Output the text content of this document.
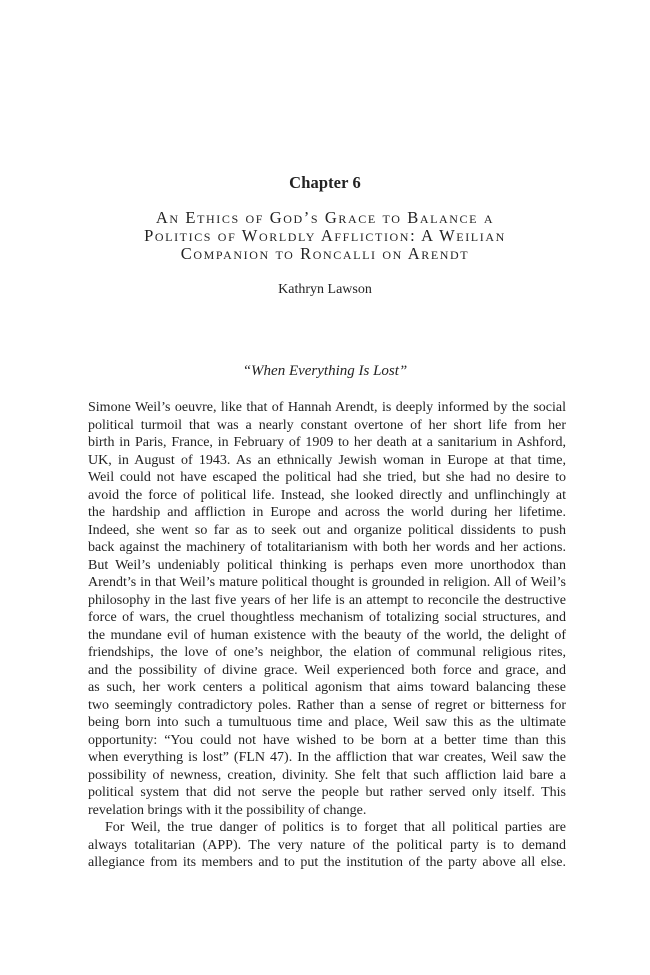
Chapter 6
An Ethics of God’s Grace to Balance a
Politics of Worldly Affliction: A Weilian
Companion to Roncalli on Arendt
Kathryn Lawson
“When Everything Is Lost”
Simone Weil’s oeuvre, like that of Hannah Arendt, is deeply informed by the social
political turmoil that was a nearly constant overtone of her short life from her
birth in Paris, France, in February of 1909 to her death at a sanitarium in Ashford,
UK, in August of 1943. As an ethnically Jewish woman in Europe at that time,
Weil could not have escaped the political had she tried, but she had no desire to
avoid the force of political life. Instead, she looked directly and unflinchingly at
the hardship and affliction in Europe and across the world during her lifetime.
Indeed, she went so far as to seek out and organize political dissidents to push
back against the machinery of totalitarianism with both her words and her actions.
But Weil’s undeniably political thinking is perhaps even more unorthodox than
Arendt’s in that Weil’s mature political thought is grounded in religion. All of Weil’s
philosophy in the last five years of her life is an attempt to reconcile the destructive
force of wars, the cruel thoughtless mechanism of totalizing social structures, and
the mundane evil of human existence with the beauty of the world, the delight of
friendships, the love of one’s neighbor, the elation of communal religious rites,
and the possibility of divine grace. Weil experienced both force and grace, and
as such, her work centers a political agonism that aims toward balancing these
two seemingly contradictory poles. Rather than a sense of regret or bitterness for
being born into such a tumultuous time and place, Weil saw this as the ultimate
opportunity: “You could not have wished to be born at a better time than this
when everything is lost” (FLN 47). In the affliction that war creates, Weil saw the
possibility of newness, creation, divinity. She felt that such affliction laid bare a
political system that did not serve the people but rather served only itself. This
revelation brings with it the possibility of change.
For Weil, the true danger of politics is to forget that all political parties are
always totalitarian (APP). The very nature of the political party is to demand
allegiance from its members and to put the institution of the party above all else.
